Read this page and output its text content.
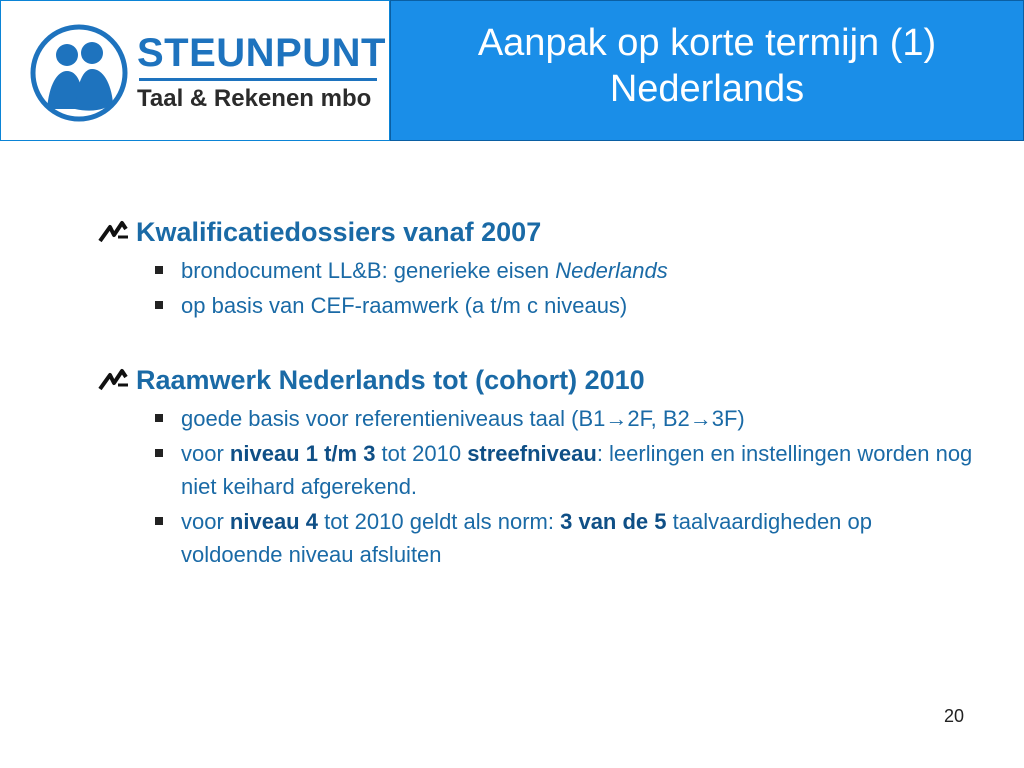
STEUNPUNT
Taal & Rekenen mbo
Aanpak op korte termijn (1)
Nederlands
Kwalificatiedossiers vanaf 2007
brondocument LL&B: generieke eisen Nederlands
op basis van CEF-raamwerk (a t/m c niveaus)
Raamwerk Nederlands tot (cohort) 2010
goede basis voor referentieniveaus taal (B1→2F, B2→3F)
voor niveau 1 t/m 3 tot 2010 streefniveau: leerlingen en instellingen worden nog niet keihard afgerekend.
voor niveau 4 tot 2010 geldt als norm: 3 van de 5 taalvaardigheden op voldoende niveau afsluiten
20
